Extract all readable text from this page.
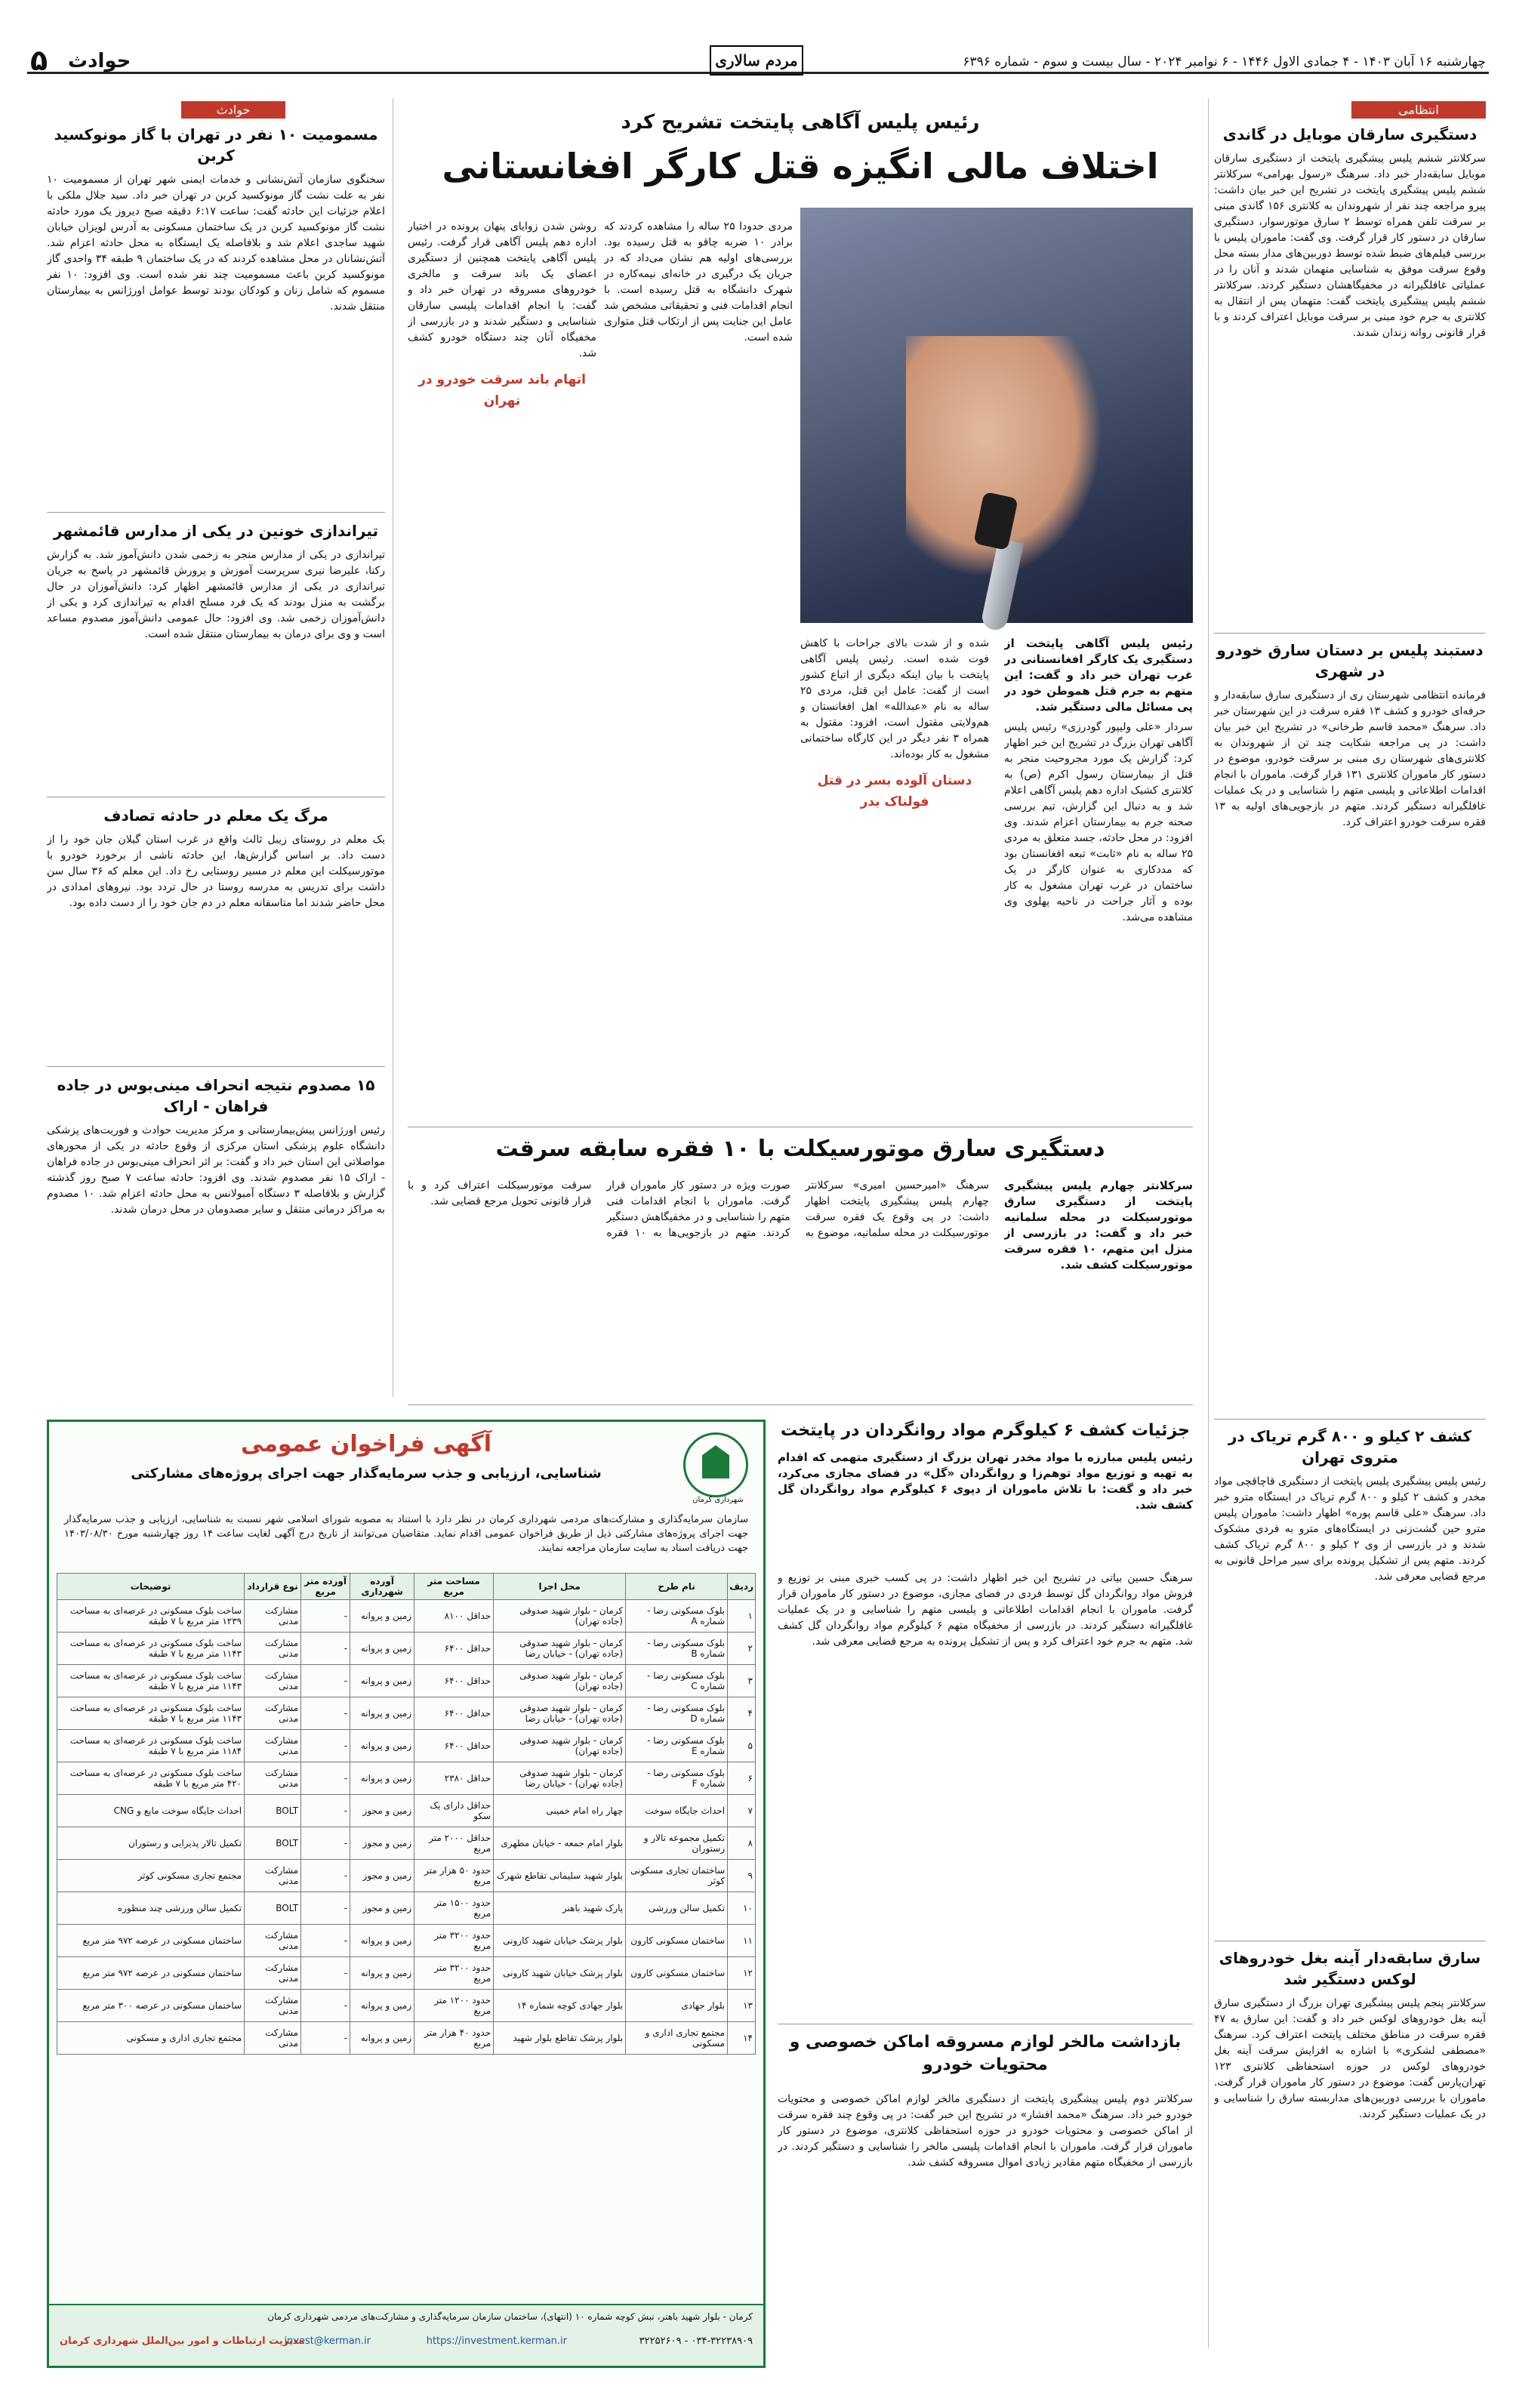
۵ حوادث	مردم سالاری	چهارشنبه ۱۶ آبان ۱۴۰۳ - ۴ جمادی الاول ۱۴۴۶ - ۶ نوامبر ۲۰۲۴ - سال بیست و سوم - شماره ۶۳۹۶
انتظامی
دستگیری سارقان موبایل در گاندی
سرکلانتر ششم پلیس پیشگیری پایتخت از دستگیری سارقان موبایل سابقه‌دار خبر داد. سرهنگ «رسول بهرامی» سرکلانتر ششم پلیس پیشگیری پایتخت در تشریح این خبر بیان داشت: پیرو مراجعه چند نفر از شهروندان به کلانتری ۱۵۶ گاندی مبنی بر سرقت تلفن همراه توسط ۲ سارق موتورسوار، دستگیری سارقان در دستور کار قرار گرفت. وی گفت: ماموران پلیس با بررسی فیلم‌های ضبط شده توسط دوربین‌های مدار بسته محل وقوع سرقت موفق به شناسایی متهمان شدند و آنان را در عملیاتی غافلگیرانه در مخفیگاهشان دستگیر کردند. سرکلانتر ششم پلیس پیشگیری پایتخت گفت: متهمان پس از انتقال به کلانتری به جرم خود مبنی بر سرقت موبایل اعتراف کردند و با قرار قانونی روانه زندان شدند.
دستبند پلیس بر دستان سارق خودرو در شهری
فرمانده انتظامی شهرستان ری از دستگیری سارق سابقه‌دار و حرفه‌ای خودرو و کشف ۱۳ فقره سرقت در این شهرستان خبر داد. سرهنگ «محمد قاسم طرخانی» در تشریح این خبر بیان داشت: در پی مراجعه شکایت چند تن از شهروندان به کلانتری‌های شهرستان ری مبنی بر سرقت خودرو، موضوع در دستور کار ماموران کلانتری ۱۳۱ قرار گرفت. ماموران با انجام اقدامات اطلاعاتی و پلیسی متهم را شناسایی و در یک عملیات غافلگیرانه دستگیر کردند. متهم در بازجویی‌های اولیه به ۱۳ فقره سرقت خودرو اعتراف کرد.
کشف ۲ کیلو و ۸۰۰ گرم تریاک در متروی تهران
رئیس پلیس پیشگیری پلیس پایتخت از دستگیری قاچاقچی مواد مخدر و کشف ۲ کیلو و ۸۰۰ گرم تریاک در ایستگاه مترو خبر داد. سرهنگ «علی قاسم پوره» اظهار داشت: ماموران پلیس مترو حین گشت‌زنی در ایستگاه‌های مترو به فردی مشکوک شدند و در بازرسی از وی ۲ کیلو و ۸۰۰ گرم تریاک کشف کردند. متهم پس از تشکیل پرونده برای سیر مراحل قانونی به مرجع قضایی معرفی شد.
سارق سابقه‌دار آینه بغل خودروهای لوکس دستگیر شد
سرکلانتر پنجم پلیس پیشگیری تهران بزرگ از دستگیری سارق آینه بغل خودروهای لوکس خبر داد و گفت: این سارق به ۴۷ فقره سرقت در مناطق مختلف پایتخت اعتراف کرد. سرهنگ «مصطفی لشکری» با اشاره به افزایش سرقت آینه بغل خودروهای لوکس در حوزه استحفاظی کلانتری ۱۲۳ تهران‌پارس گفت: موضوع در دستور کار ماموران قرار گرفت. ماموران با بررسی دوربین‌های مداربسته سارق را شناسایی و در یک عملیات دستگیر کردند.
حوادث
مسمومیت ۱۰ نفر در تهران با گاز مونوکسید کربن
سخنگوی سازمان آتش‌نشانی و خدمات ایمنی شهر تهران از مسمومیت ۱۰ نفر به علت نشت گاز مونوکسید کربن در تهران خبر داد. سید جلال ملکی با اعلام جزئیات این حادثه گفت: ساعت ۶:۱۷ دقیقه صبح دیروز یک مورد حادثه نشت گاز مونوکسید کربن در یک ساختمان مسکونی به آدرس لویزان خیابان شهید ساجدی اعلام شد و بلافاصله یک ایستگاه به محل حادثه اعزام شد. آتش‌نشانان در محل مشاهده کردند که در یک ساختمان ۹ طبقه ۳۴ واحدی گاز مونوکسید کربن باعث مسمومیت چند نفر شده است. وی افزود: ۱۰ نفر مسموم که شامل زنان و کودکان بودند توسط عوامل اورژانس به بیمارستان منتقل شدند.
تیراندازی خونین در یکی از مدارس قائمشهر
تیراندازی در یکی از مدارس منجر به زخمی شدن دانش‌آموز شد. به گزارش رکنا، علیرضا نیری سرپرست آموزش و پرورش قائمشهر در پاسخ به جریان تیراندازی در یکی از مدارس قائمشهر اظهار کرد: دانش‌آموزان در حال برگشت به منزل بودند که یک فرد مسلح اقدام به تیراندازی کرد و یکی از دانش‌آموزان زخمی شد. وی افزود: حال عمومی دانش‌آموز مصدوم مساعد است و وی برای درمان به بیمارستان منتقل شده است.
مرگ یک معلم در حادثه تصادف
یک معلم در روستای زیبل ثالث واقع در غرب استان گیلان جان خود را از دست داد. بر اساس گزارش‌ها، این حادثه ناشی از برخورد خودرو با موتورسیکلت این معلم در مسیر روستایی رخ داد. این معلم که ۳۶ سال سن داشت برای تدریس به مدرسه روستا در حال تردد بود. نیروهای امدادی در محل حاضر شدند اما متاسفانه معلم در دم جان خود را از دست داده بود.
۱۵ مصدوم نتیجه انحراف مینی‌بوس در جاده فراهان - اراک
رئیس اورژانس پیش‌بیمارستانی و مرکز مدیریت حوادث و فوریت‌های پزشکی دانشگاه علوم پزشکی استان مرکزی از وقوع حادثه در یکی از محورهای مواصلاتی این استان خبر داد و گفت: بر اثر انحراف مینی‌بوس در جاده فراهان - اراک ۱۵ نفر مصدوم شدند. وی افزود: حادثه ساعت ۷ صبح روز گذشته گزارش و بلافاصله ۳ دستگاه آمبولانس به محل حادثه اعزام شد. ۱۰ مصدوم به مراکز درمانی منتقل و سایر مصدومان در محل درمان شدند.
رئیس پلیس آگاهی پایتخت تشریح کرد
اختلاف مالی انگیزه قتل کارگر افغانستانی
روشن شدن زوایای پنهان پرونده در اختیار اداره دهم پلیس آگاهی قرار گرفت. رئیس پلیس آگاهی پایتخت همچنین از دستگیری اعضای یک باند سرقت و مالخری خودروهای مسروقه در تهران خبر داد و گفت: با انجام اقدامات پلیسی سارقان شناسایی و دستگیر شدند و در بازرسی از مخفیگاه آنان چند دستگاه خودرو کشف شد.
اتهام باند سرقت خودرو در تهران
مردی حدودا ۲۵ ساله را مشاهده کردند که برادر ۱۰ ضربه چاقو به قتل رسیده بود. بررسی‌های اولیه هم نشان می‌داد که در جریان یک درگیری در خانه‌ای نیمه‌کاره در شهرک دانشگاه به قتل رسیده است. با انجام اقدامات فنی و تحقیقاتی مشخص شد عامل این جنایت پس از ارتکاب قتل متواری شده است.
شده و از شدت بالای جراحات با کاهش فوت شده است. رئیس پلیس آگاهی پایتخت با بیان اینکه دیگری از اتباع کشور است از گفت: عامل این قتل، مردی ۲۵ ساله به نام «عبدالله» اهل افغانستان و هم‌ولایتی مقتول است، افزود: مقتول به همراه ۳ نفر دیگر در این کارگاه ساختمانی مشغول به کار بوده‌اند.
دستان آلوده بسر در قتل فولناک بدر
رئیس پلیس آگاهی پایتخت از دستگیری یک کارگر افغانستانی در غرب تهران خبر داد و گفت: این متهم به جرم قتل هموطن خود در پی مسائل مالی دستگیر شد.
سردار «علی ولیپور گودرزی» رئیس پلیس آگاهی تهران بزرگ در تشریح این خبر اظهار کرد: گزارش یک مورد مجروحیت منجر به قتل از بیمارستان رسول اکرم (ص) به کلانتری کشیک اداره دهم پلیس آگاهی اعلام شد و به دنبال این گزارش، تیم بررسی صحنه جرم به بیمارستان اعزام شدند. وی افزود: در محل حادثه، جسد متعلق به مردی ۲۵ ساله به نام «ثابت» تبعه افغانستان بود که مددکاری به عنوان کارگر در یک ساختمان در غرب تهران مشغول به کار بوده و آثار جراحت در ناحیه پهلوی وی مشاهده می‌شد.
دستگیری سارق موتورسیکلت با ۱۰ فقره سابقه سرقت
سرکلانتر چهارم پلیس پیشگیری پایتخت از دستگیری سارق موتورسیکلت در محله سلمانیه خبر داد و گفت: در بازرسی از منزل این متهم، ۱۰ فقره سرقت موتورسیکلت کشف شد.
سرهنگ «امیرحسین امیری» سرکلانتر چهارم پلیس پیشگیری پایتخت اظهار داشت: در پی وقوع یک فقره سرقت موتورسیکلت در محله سلمانیه، موضوع به صورت ویژه در دستور کار ماموران قرار گرفت. ماموران با انجام اقدامات فنی متهم را شناسایی و در مخفیگاهش دستگیر کردند. متهم در بازجویی‌ها به ۱۰ فقره سرقت موتورسیکلت اعتراف کرد و با قرار قانونی تحویل مرجع قضایی شد.
جزئیات کشف ۶ کیلوگرم مواد روانگردان در پایتخت
رئیس پلیس مبارزه با مواد مخدر تهران بزرگ از دستگیری متهمی که اقدام به تهیه و توزیع مواد توهم‌زا و روانگردان «گل» در فضای مجازی می‌کرد، خبر داد و گفت: با تلاش ماموران از دپوی ۶ کیلوگرم مواد روانگردان گل کشف شد.
سرهنگ حسین بیاتی در تشریح این خبر اظهار داشت: در پی کسب خبری مبنی بر توزیع و فروش مواد روانگردان گل توسط فردی در فضای مجازی، موضوع در دستور کار ماموران قرار گرفت. ماموران با انجام اقدامات اطلاعاتی و پلیسی متهم را شناسایی و در یک عملیات غافلگیرانه دستگیر کردند. در بازرسی از مخفیگاه متهم ۶ کیلوگرم مواد روانگردان گل کشف شد. متهم به جرم خود اعتراف کرد و پس از تشکیل پرونده به مرجع قضایی معرفی شد.
بازداشت مالخر لوازم مسروقه اماکن خصوصی و محتویات خودرو
سرکلانتر دوم پلیس پیشگیری پایتخت از دستگیری مالخر لوازم اماکن خصوصی و محتویات خودرو خبر داد. سرهنگ «محمد افشار» در تشریح این خبر گفت: در پی وقوع چند فقره سرقت از اماکن خصوصی و محتویات خودرو در حوزه استحفاظی کلانتری، موضوع در دستور کار ماموران قرار گرفت. ماموران با انجام اقدامات پلیسی مالخر را شناسایی و دستگیر کردند. در بازرسی از مخفیگاه متهم مقادیر زیادی اموال مسروقه کشف شد.
شهرداری کرمان
آگهی فراخوان عمومی
شناسایی، ارزیابی و جذب سرمایه‌گذار جهت اجرای پروژه‌های مشارکتی
سازمان سرمایه‌گذاری و مشارکت‌های مردمی شهرداری کرمان در نظر دارد با استناد به مصوبه شورای اسلامی شهر نسبت به شناسایی، ارزیابی و جذب سرمایه‌گذار جهت اجرای پروژه‌های مشارکتی ذیل از طریق فراخوان عمومی اقدام نماید. متقاضیان می‌توانند از تاریخ درج آگهی لغایت ساعت ۱۴ روز چهارشنبه مورخ ۱۴۰۳/۰۸/۳۰ جهت دریافت اسناد به سایت سازمان مراجعه نمایند.
ردیف	نام طرح	محل اجرا	مساحت متر مربع	آورده شهرداری	آورده متر مربع	نوع قرارداد	توضیحات
۱	بلوک مسکونی رضا - شماره A	کرمان - بلوار شهید صدوقی (جاده تهران)	حداقل ۸۱۰۰	زمین و پروانه	-	مشارکت مدنی	ساخت بلوک مسکونی در عرصه‌ای به مساحت ۱۲۳۹ متر مربع با ۷ طبقه
۲	بلوک مسکونی رضا - شماره B	کرمان - بلوار شهید صدوقی (جاده تهران) - خیابان رضا	حداقل ۶۴۰۰	زمین و پروانه	-	مشارکت مدنی	ساخت بلوک مسکونی در عرصه‌ای به مساحت ۱۱۴۳ متر مربع با ۷ طبقه
۳	بلوک مسکونی رضا - شماره C	کرمان - بلوار شهید صدوقی (جاده تهران)	حداقل ۶۴۰۰	زمین و پروانه	-	مشارکت مدنی	ساخت بلوک مسکونی در عرصه‌ای به مساحت ۱۱۴۳ متر مربع با ۷ طبقه
۴	بلوک مسکونی رضا - شماره D	کرمان - بلوار شهید صدوقی (جاده تهران) - خیابان رضا	حداقل ۶۴۰۰	زمین و پروانه	-	مشارکت مدنی	ساخت بلوک مسکونی در عرصه‌ای به مساحت ۱۱۴۳ متر مربع با ۷ طبقه
۵	بلوک مسکونی رضا - شماره E	کرمان - بلوار شهید صدوقی (جاده تهران)	حداقل ۶۴۰۰	زمین و پروانه	-	مشارکت مدنی	ساخت بلوک مسکونی در عرصه‌ای به مساحت ۱۱۸۴ متر مربع با ۷ طبقه
۶	بلوک مسکونی رضا - شماره F	کرمان - بلوار شهید صدوقی (جاده تهران) - خیابان رضا	حداقل ۲۳۸۰	زمین و پروانه	-	مشارکت مدنی	ساخت بلوک مسکونی در عرصه‌ای به مساحت ۴۲۰ متر مربع با ۷ طبقه
۷	احداث جایگاه سوخت	چهار راه امام خمینی	حداقل دارای یک سکو	زمین و مجوز	-	BOLT	احداث جایگاه سوخت مایع و CNG
۸	تکمیل مجموعه تالار و رستوران	بلوار امام جمعه - خیابان مطهری	حداقل ۲۰۰۰ متر مربع	زمین و مجوز	-	BOLT	تکمیل تالار پذیرایی و رستوران
۹	ساختمان تجاری مسکونی کوثر	بلوار شهید سلیمانی تقاطع شهرک	حدود ۵۰ هزار متر مربع	زمین و مجوز	-	مشارکت مدنی	مجتمع تجاری مسکونی کوثر
۱۰	تکمیل سالن ورزشی	پارک شهید باهنر	حدود ۱۵۰۰ متر مربع	زمین و مجوز	-	BOLT	تکمیل سالن ورزشی چند منظوره
۱۱	ساختمان مسکونی کارون	بلوار پزشک خیابان شهید کارونی	حدود ۳۲۰۰ متر مربع	زمین و پروانه	-	مشارکت مدنی	ساختمان مسکونی در عرصه ۹۷۲ متر مربع
۱۲	ساختمان مسکونی کارون	بلوار پزشک خیابان شهید کارونی	حدود ۳۲۰۰ متر مربع	زمین و پروانه	-	مشارکت مدنی	ساختمان مسکونی در عرصه ۹۷۲ متر مربع
۱۳	بلوار جهادی	بلوار جهادی کوچه شماره ۱۴	حدود ۱۲۰۰ متر مربع	زمین و پروانه	-	مشارکت مدنی	ساختمان مسکونی در عرصه ۳۰۰ متر مربع
۱۴	مجتمع تجاری اداری و مسکونی	بلوار پزشک تقاطع بلوار شهید	حدود ۴۰ هزار متر مربع	زمین و پروانه	-	مشارکت مدنی	مجتمع تجاری اداری و مسکونی
کرمان - بلوار شهید باهنر، نبش کوچه شماره ۱۰ (انتهای)، ساختمان سازمان سرمایه‌گذاری و مشارکت‌های مردمی شهرداری کرمان
۰۳۴-۳۲۲۳۸۹۰۹ - ۳۲۲۵۲۶۰۹
https://investment.kerman.ir
invest@kerman.ir
مدیریت ارتباطات و امور بین‌الملل شهرداری کرمان
